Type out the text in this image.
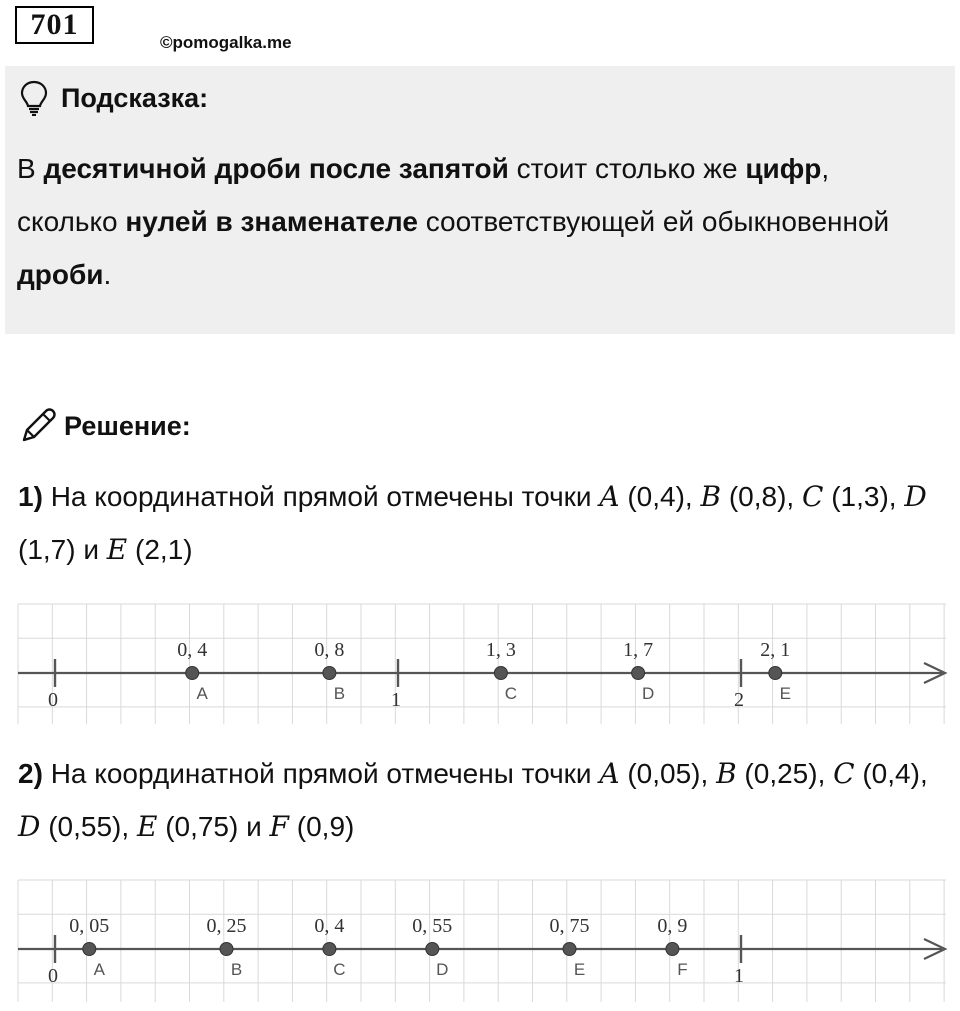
701
©pomogalka.me
Подсказка:
В десятичной дроби после запятой стоит столько же цифр, сколько нулей в знаменателе соответствующей ей обыкновенной дроби.
Решение:
1) На координатной прямой отмечены точки A (0,4), B (0,8), C (1,3), D (1,7) и E (2,1)
0	1	2
0, 4
A
0, 8
B
1, 3
C
1, 7
D
2, 1
E
2) На координатной прямой отмечены точки A (0,05), B (0,25), C (0,4), D (0,55), E (0,75) и F (0,9)
0	1
0, 05
A
0, 25
B
0, 4
C
0, 55
D
0, 75
E
0, 9
F
